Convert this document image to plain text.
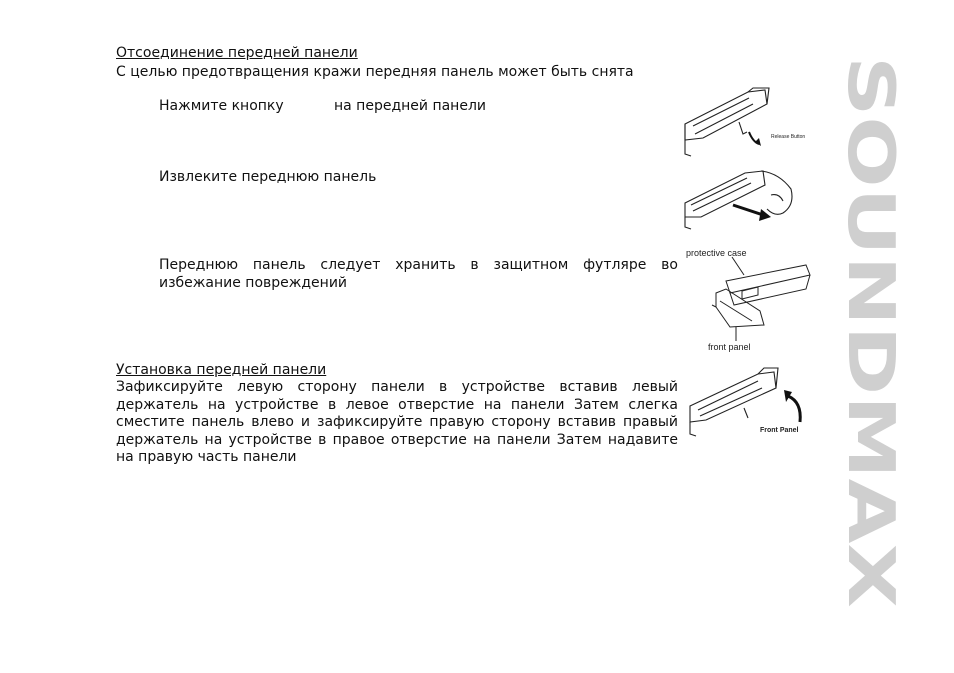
Отсоединение передней панели
С целью предотвращения кражи передняя панель может быть снята
Нажмите кнопку	на передней панели
Извлеките переднюю панель
Переднюю панель следует хранить в защитном футляре во избежание повреждений
Установка передней панели
Зафиксируйте левую сторону панели в устройстве вставив левый держатель на устройстве в левое отверстие на панели Затем слегка сместите панель влево и зафиксируйте правую сторону вставив правый держатель на устройстве в правое отверстие на панели Затем надавите на правую часть панели
Release Button
protective case
front panel
Front Panel SOUNDMAX
